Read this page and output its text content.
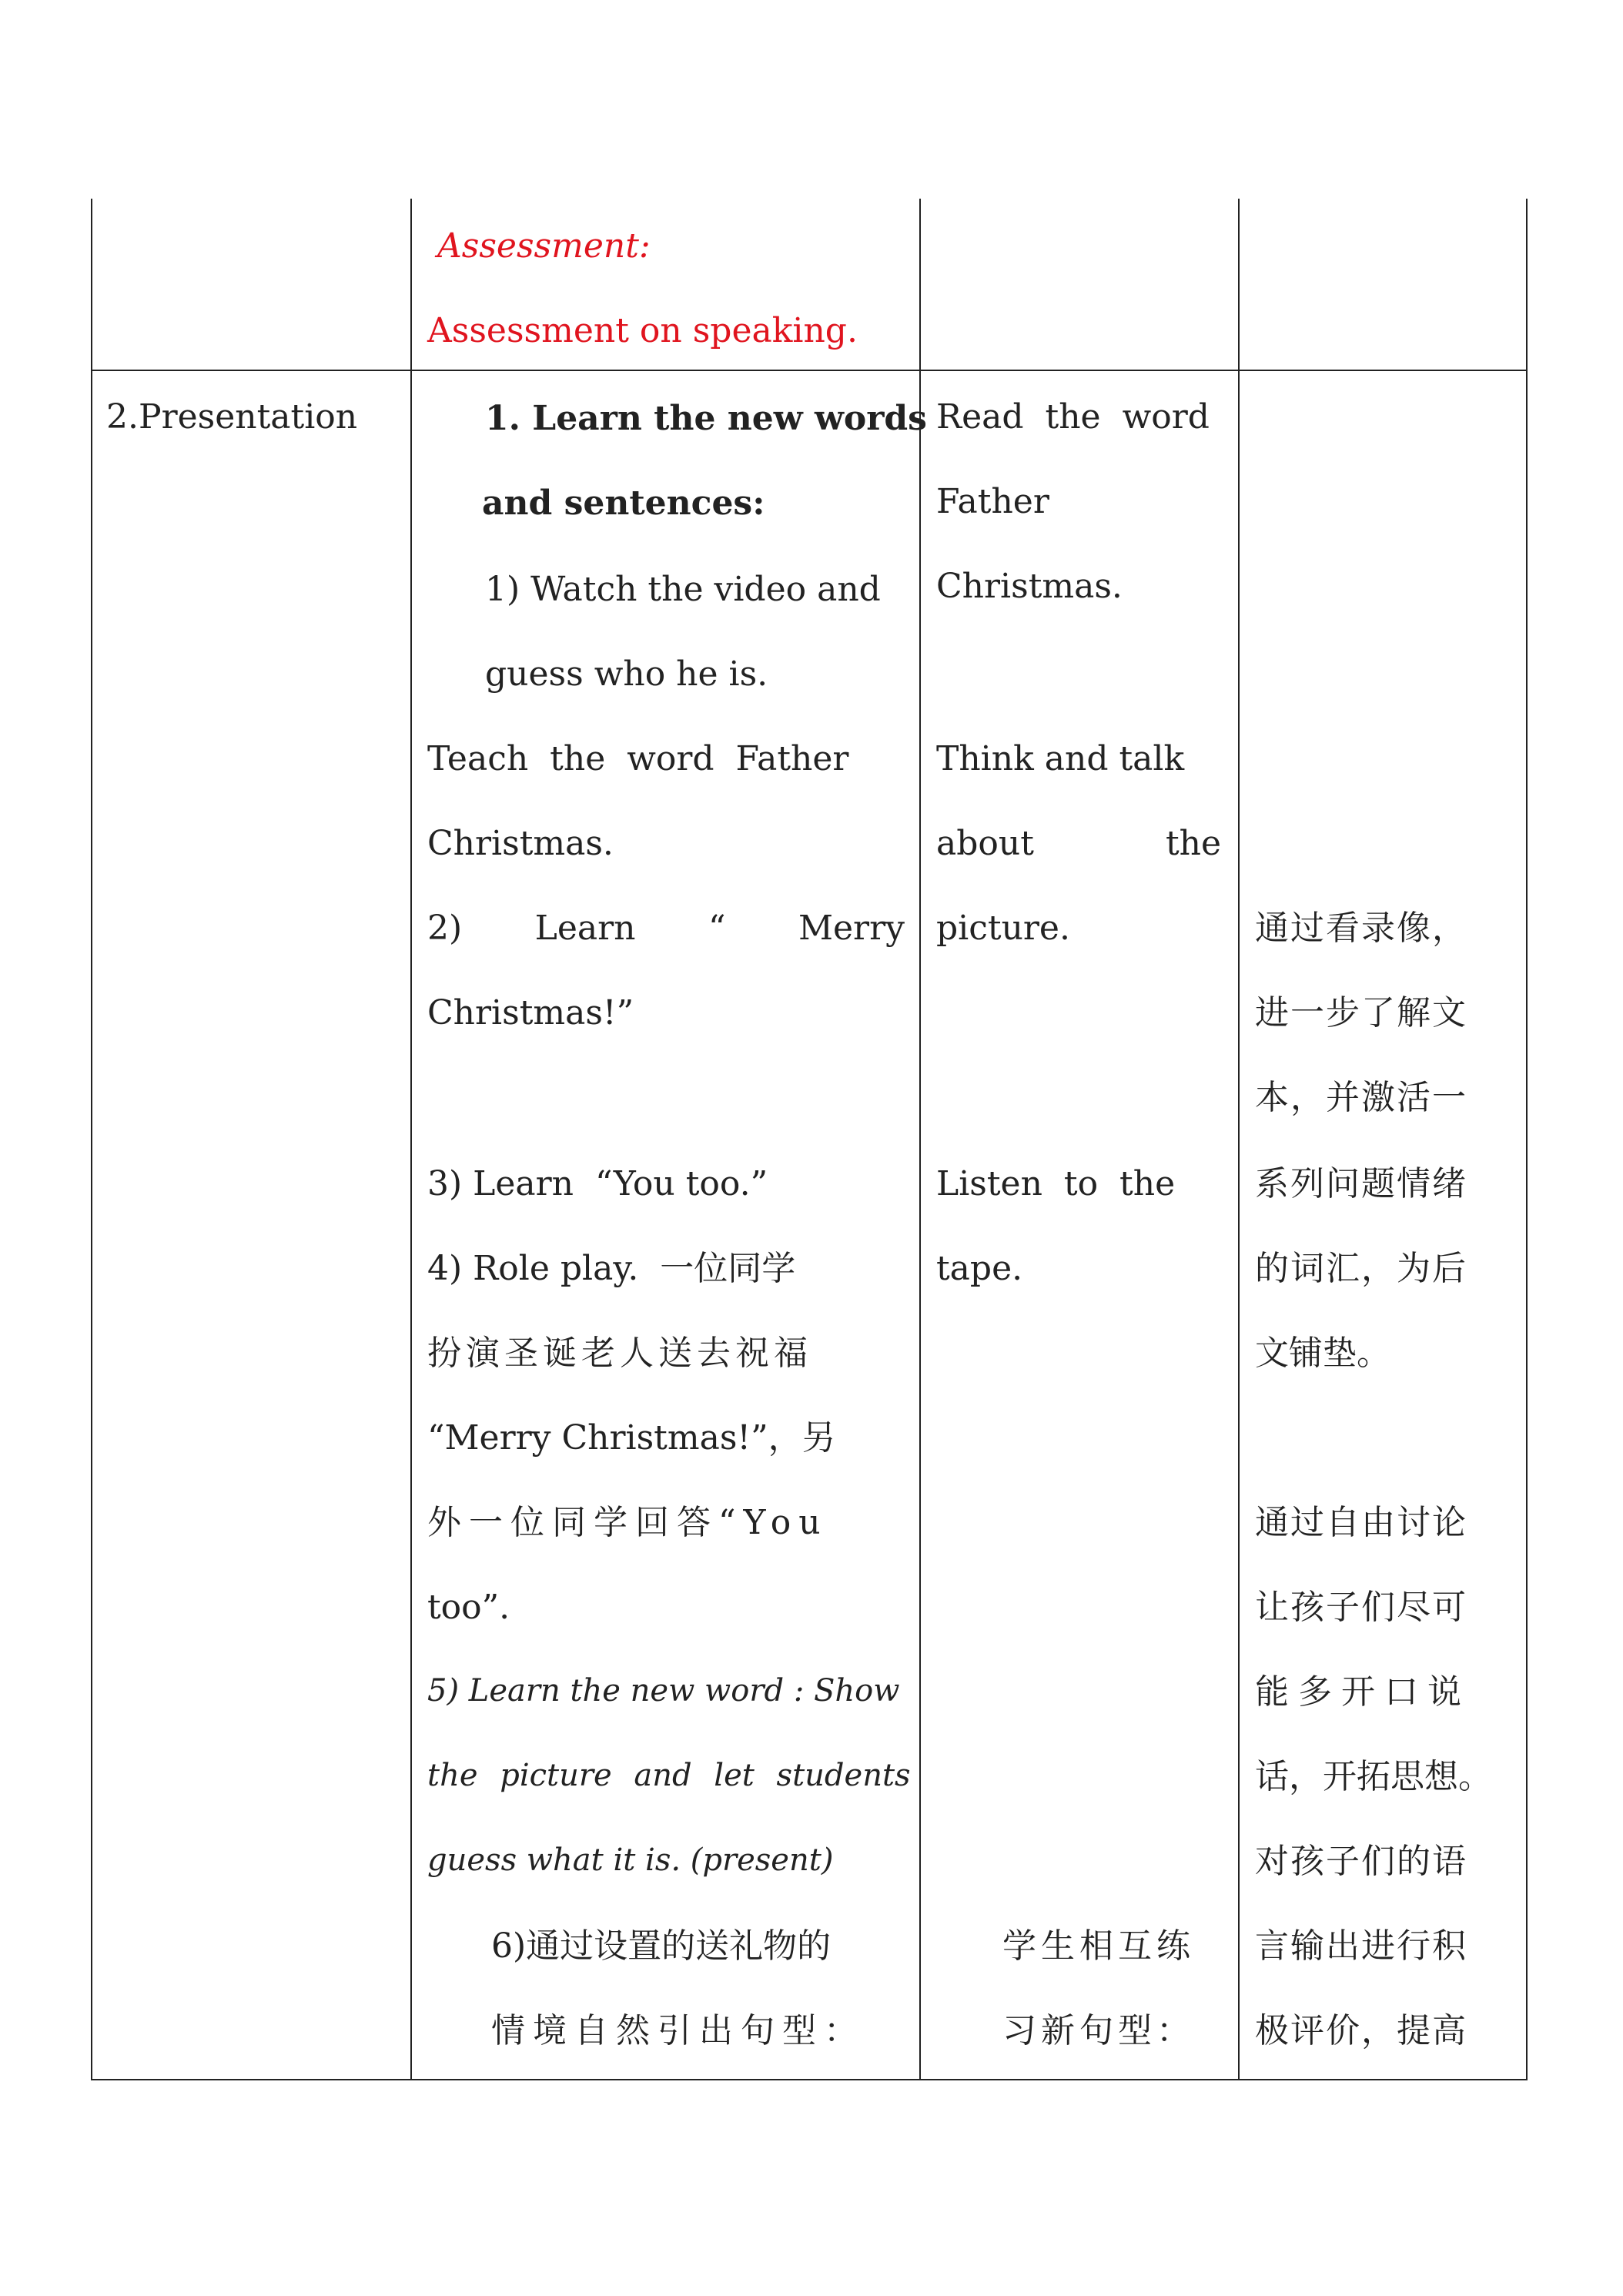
Assessment:
Assessment on speaking.
2.Presentation	1. Learn the new words
and sentences:
1) Watch the video and
guess who he is.
Teach the word Father
Christmas.
2) Learn “ Merry
Christmas!”
3) Learn  “You too.”
4) Role play.  一位同学
扮演圣诞老人送去祝福
“Merry Christmas!”，另
外一位同学回答“You
too”.
5) Learn the new word : Show
the picture and let students
guess what it is. (present)
6)通过设置的送礼物的
情境自然引出句型：
Read  the  word
Father
Christmas.
Think and talk
about	the
picture.
Listen  to  the
tape.
学生相互练
习新句型：
通过看录像，
进一步了解文
本，并激活一
系列问题情绪
的词汇，为后
文铺垫。
通过自由讨论
让孩子们尽可
能多开口说
话，开拓思想。
对孩子们的语
言输出进行积
极评价，提高
